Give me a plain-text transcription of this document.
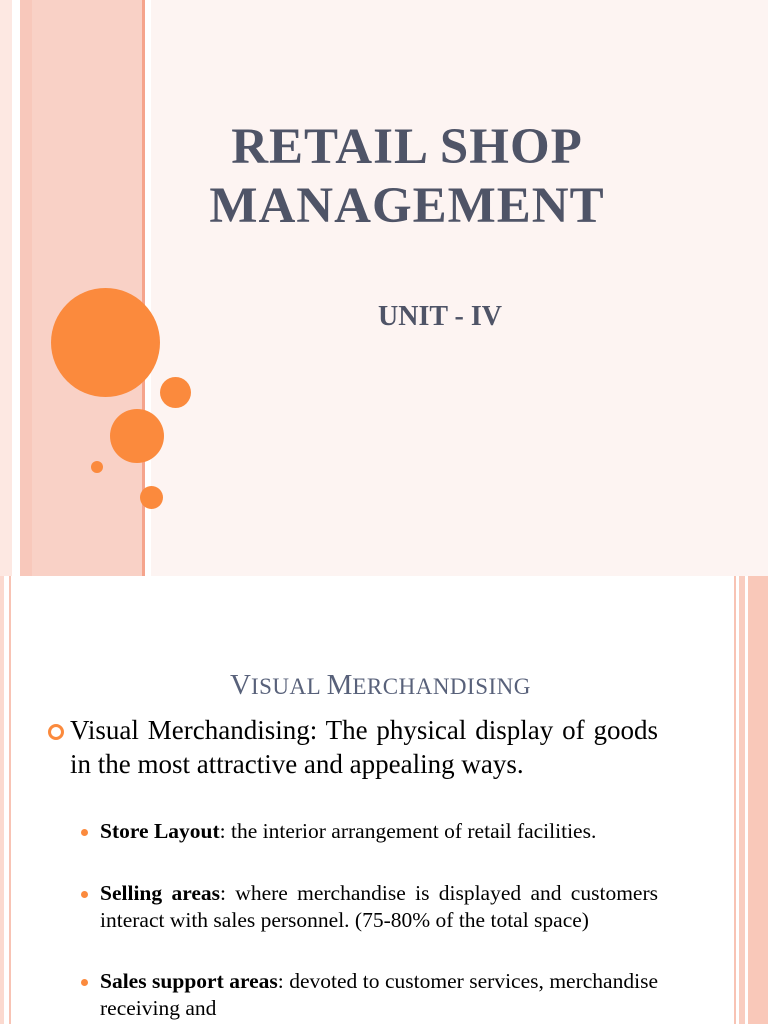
RETAIL SHOP
MANAGEMENT
UNIT - IV
VISUAL MERCHANDISING
Visual Merchandising: The physical display of goods in the most attractive and appealing ways.
Store Layout: the interior arrangement of retail facilities.
Selling areas: where merchandise is displayed and customers interact with sales personnel. (75-80% of the total space)
Sales support areas: devoted to customer services, merchandise receiving and
